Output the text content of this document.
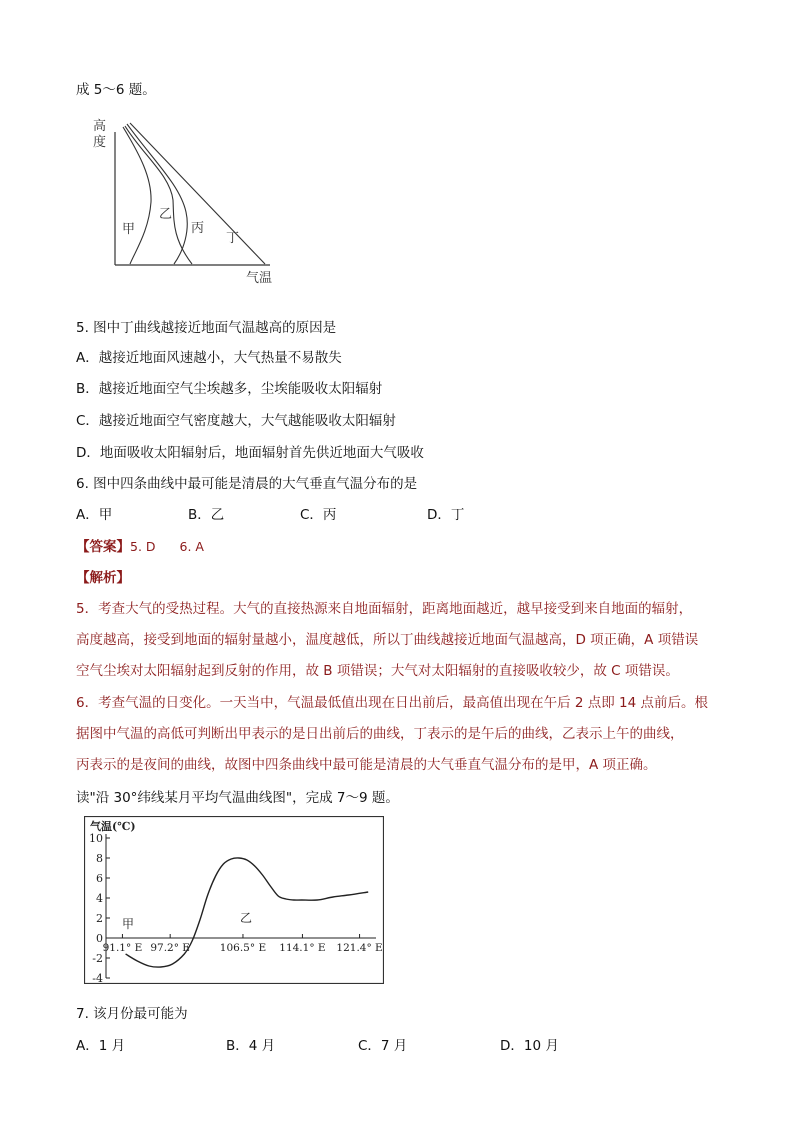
成 5～6 题。
高
度
气温
甲
乙
丙
丁
5. 图中丁曲线越接近地面气温越高的原因是
A．越接近地面风速越小，大气热量不易散失
B．越接近地面空气尘埃越多，尘埃能吸收太阳辐射
C．越接近地面空气密度越大，大气越能吸收太阳辐射
D．地面吸收太阳辐射后，地面辐射首先供近地面大气吸收
6. 图中四条曲线中最可能是清晨的大气垂直气温分布的是
A．甲	B．乙	C．丙	D．丁
【答案】5. D 6. A
【解析】
5．考查大气的受热过程。大气的直接热源来自地面辐射，距离地面越近，越早接受到来自地面的辐射，
高度越高，接受到地面的辐射量越小，温度越低，所以丁曲线越接近地面气温越高，D 项正确，A 项错误
空气尘埃对太阳辐射起到反射的作用，故 B 项错误；大气对太阳辐射的直接吸收较少，故 C 项错误。
6．考查气温的日变化。一天当中，气温最低值出现在日出前后，最高值出现在午后 2 点即 14 点前后。根
据图中气温的高低可判断出甲表示的是日出前后的曲线，丁表示的是午后的曲线，乙表示上午的曲线，
丙表示的是夜间的曲线，故图中四条曲线中最可能是清晨的大气垂直气温分布的是甲，A 项正确。
读"沿 30°纬线某月平均气温曲线图"，完成 7～9 题。
气温(℃)
10
8
6
4
2
0
-2
-4
91.1° E 97.2° E	106.5° E 114.1° E 121.4° E
甲	乙
7. 该月份最可能为
A．1 月	B．4 月	C．7 月	D．10 月
